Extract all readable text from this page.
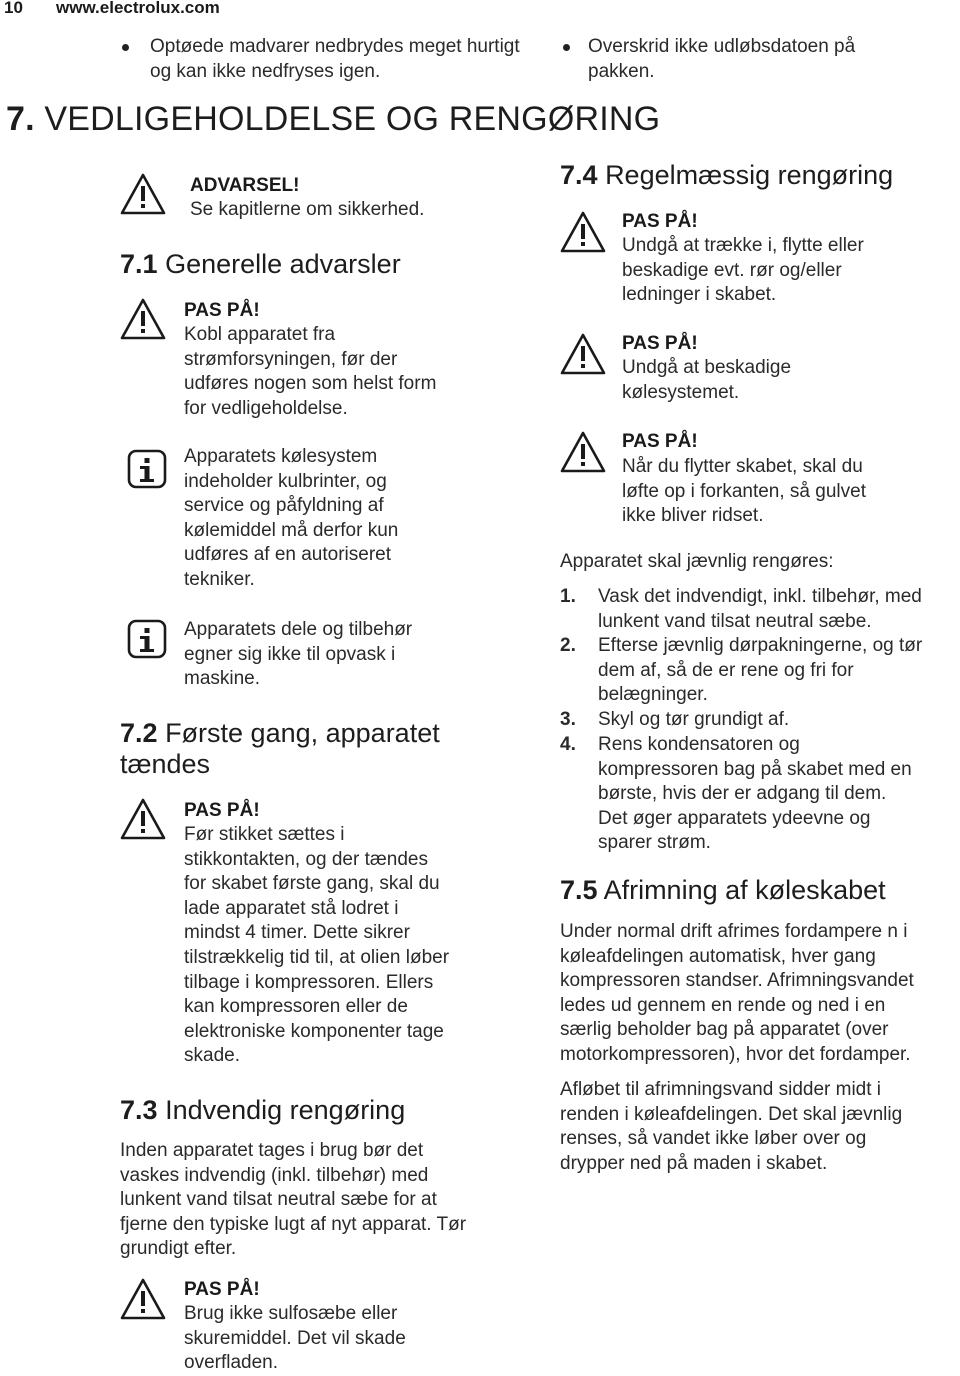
10 www.electrolux.com
Optøede madvarer nedbrydes meget hurtigt og kan ikke nedfryses igen.
Overskrid ikke udløbsdatoen på pakken.
7. VEDLIGEHOLDELSE OG RENGØRING
ADVARSEL!
Se kapitlerne om sikkerhed.
7.1 Generelle advarsler
PAS PÅ!
Kobl apparatet fra
strømforsyningen, før der
udføres nogen som helst form
for vedligeholdelse.
Apparatets kølesystem
indeholder kulbrinter, og
service og påfyldning af
kølemiddel må derfor kun
udføres af en autoriseret
tekniker.
Apparatets dele og tilbehør
egner sig ikke til opvask i
maskine.
7.2 Første gang, apparatet
tændes
PAS PÅ!
Før stikket sættes i
stikkontakten, og der tændes
for skabet første gang, skal du
lade apparatet stå lodret i
mindst 4 timer. Dette sikrer
tilstrækkelig tid til, at olien løber
tilbage i kompressoren. Ellers
kan kompressoren eller de
elektroniske komponenter tage
skade.
7.3 Indvendig rengøring
Inden apparatet tages i brug bør det
vaskes indvendig (inkl. tilbehør) med
lunkent vand tilsat neutral sæbe for at
fjerne den typiske lugt af nyt apparat. Tør
grundigt efter.
PAS PÅ!
Brug ikke sulfosæbe eller
skuremiddel. Det vil skade
overfladen.
7.4 Regelmæssig rengøring
PAS PÅ!
Undgå at trække i, flytte eller
beskadige evt. rør og/eller
ledninger i skabet.
PAS PÅ!
Undgå at beskadige
kølesystemet.
PAS PÅ!
Når du flytter skabet, skal du
løfte op i forkanten, så gulvet
ikke bliver ridset.
Apparatet skal jævnlig rengøres:
1. Vask det indvendigt, inkl. tilbehør, med
lunkent vand tilsat neutral sæbe.
2. Efterse jævnlig dørpakningerne, og tør
dem af, så de er rene og fri for
belægninger.
3. Skyl og tør grundigt af.
4. Rens kondensatoren og
kompressoren bag på skabet med en
børste, hvis der er adgang til dem.
Det øger apparatets ydeevne og
sparer strøm.
7.5 Afrimning af køleskabet
Under normal drift afrimes fordampere n i
køleafdelingen automatisk, hver gang
kompressoren standser. Afrimningsvandet
ledes ud gennem en rende og ned i en
særlig beholder bag på apparatet (over
motorkompressoren), hvor det fordamper.
Afløbet til afrimningsvand sidder midt i
renden i køleafdelingen. Det skal jævnlig
renses, så vandet ikke løber over og
drypper ned på maden i skabet.
